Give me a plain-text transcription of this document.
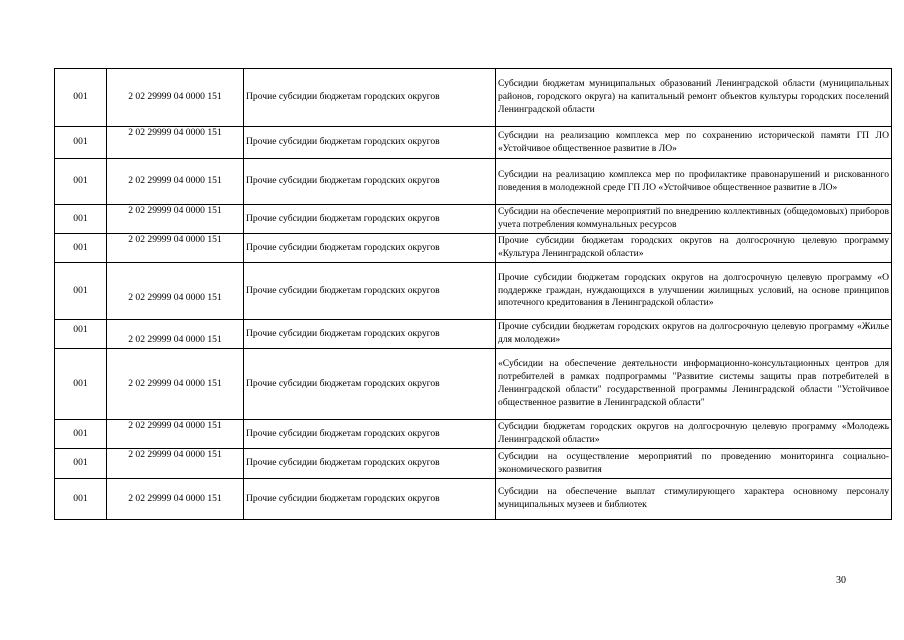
001	2 02 29999 04 0000 151	Прочие субсидии бюджетам городских округов	Субсидии бюджетам муниципальных образований Ленинградской области (муниципальных районов, городского округа) на капитальный ремонт объектов культуры городских поселений Ленинградской области
001	2 02 29999 04 0000 151	Прочие субсидии бюджетам городских округов	Субсидии на реализацию комплекса мер по сохранению исторической памяти ГП ЛО «Устойчивое общественное развитие в ЛО»
001	2 02 29999 04 0000 151	Прочие субсидии бюджетам городских округов	Субсидии на реализацию комплекса мер по профилактике правонарушений и рискованного поведения в молодежной среде ГП ЛО «Устойчивое общественное развитие в ЛО»
001	2 02 29999 04 0000 151	Прочие субсидии бюджетам городских округов	Субсидии на обеспечение мероприятий по внедрению коллективных (общедомовых) приборов учета потребления коммунальных ресурсов
001	2 02 29999 04 0000 151	Прочие субсидии бюджетам городских округов	Прочие субсидии бюджетам городских округов на долгосрочную целевую программу «Культура Ленинградской области»
001	2 02 29999 04 0000 151	Прочие субсидии бюджетам городских округов	Прочие субсидии бюджетам городских округов на долгосрочную целевую программу «О поддержке граждан, нуждающихся в улучшении жилищных условий, на основе принципов ипотечного кредитования в Ленинградской области»
001	2 02 29999 04 0000 151	Прочие субсидии бюджетам городских округов	Прочие субсидии бюджетам городских округов на долгосрочную целевую программу «Жилье для молодежи»
001	2 02 29999 04 0000 151	Прочие субсидии бюджетам городских округов	«Субсидии на обеспечение деятельности информационно-консультационных центров для потребителей в рамках подпрограммы "Развитие системы защиты прав потребителей в Ленинградской области" государственной программы Ленинградской области "Устойчивое общественное развитие в Ленинградской области"
001	2 02 29999 04 0000 151	Прочие субсидии бюджетам городских округов	Субсидии бюджетам городских округов на долгосрочную целевую программу «Молодежь Ленинградской области»
001	2 02 29999 04 0000 151	Прочие субсидии бюджетам городских округов	Субсидии на осуществление мероприятий по проведению мониторинга социально-экономического развития
001	2 02 29999 04 0000 151	Прочие субсидии бюджетам городских округов	Субсидии на обеспечение выплат стимулирующего характера основному персоналу муниципальных музеев и библиотек
30
